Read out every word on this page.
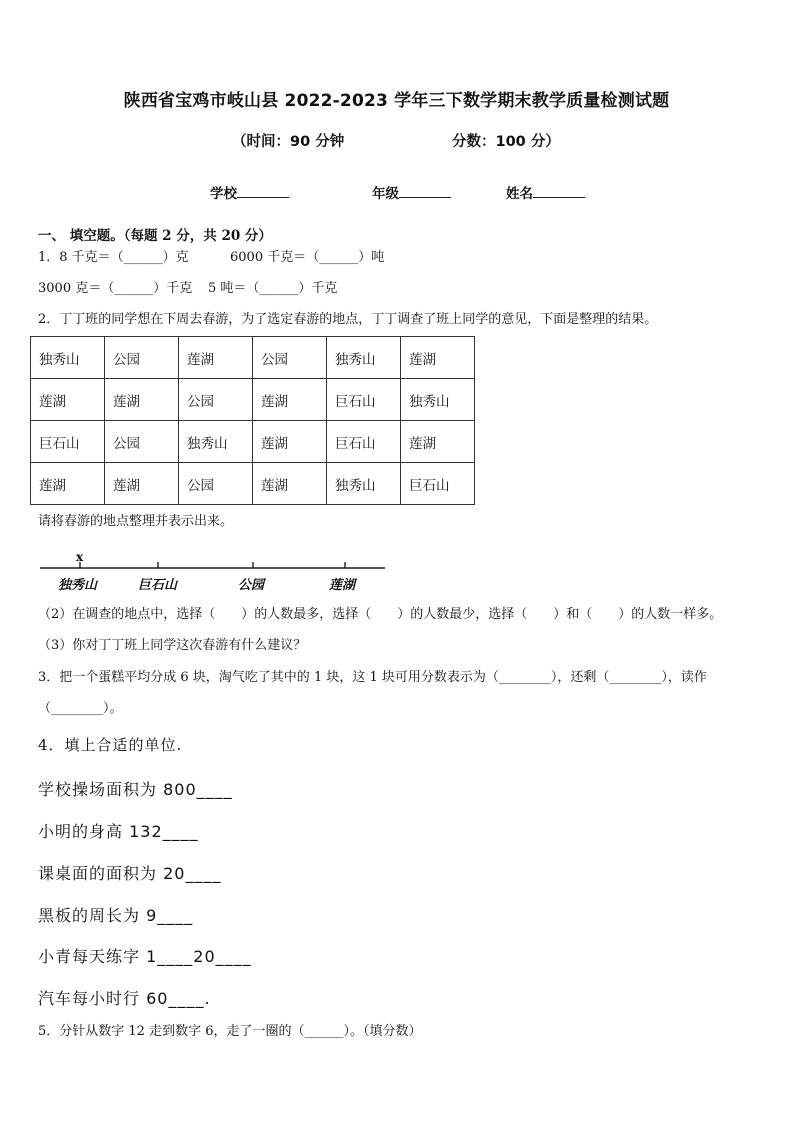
陕西省宝鸡市岐山县 2022-2023 学年三下数学期末教学质量检测试题
（时间：90 分钟	分数：100 分）
学校	年级	姓名
一、 填空题。（每题 2 分，共 20 分）
1．8 千克＝（______）克	6000 千克＝（______）吨
3000 克＝（______）千克 5 吨＝（______）千克
2．丁丁班的同学想在下周去春游，为了选定春游的地点，丁丁调查了班上同学的意见，下面是整理的结果。
独秀山	公园	莲湖	公园	独秀山	莲湖
莲湖	莲湖	公园	莲湖	巨石山	独秀山
巨石山	公园	独秀山	莲湖	巨石山	莲湖
莲湖	莲湖	公园	莲湖	独秀山	巨石山
请将春游的地点整理并表示出来。
x
独秀山	巨石山	公园	莲湖
（2）在调查的地点中，选择（　　）的人数最多，选择（　　）的人数最少，选择（　　）和（　　）的人数一样多。
（3）你对丁丁班上同学这次春游有什么建议？
3．把一个蛋糕平均分成 6 块，淘气吃了其中的 1 块，这 1 块可用分数表示为（________），还剩（________），读作
（________）。
4．填上合适的单位.
学校操场面积为 800____
小明的身高 132____
课桌面的面积为 20____
黑板的周长为 9____
小青每天练字 1____20____
汽车每小时行 60____.
5．分针从数字 12 走到数字 6，走了一圈的（______）。（填分数）
